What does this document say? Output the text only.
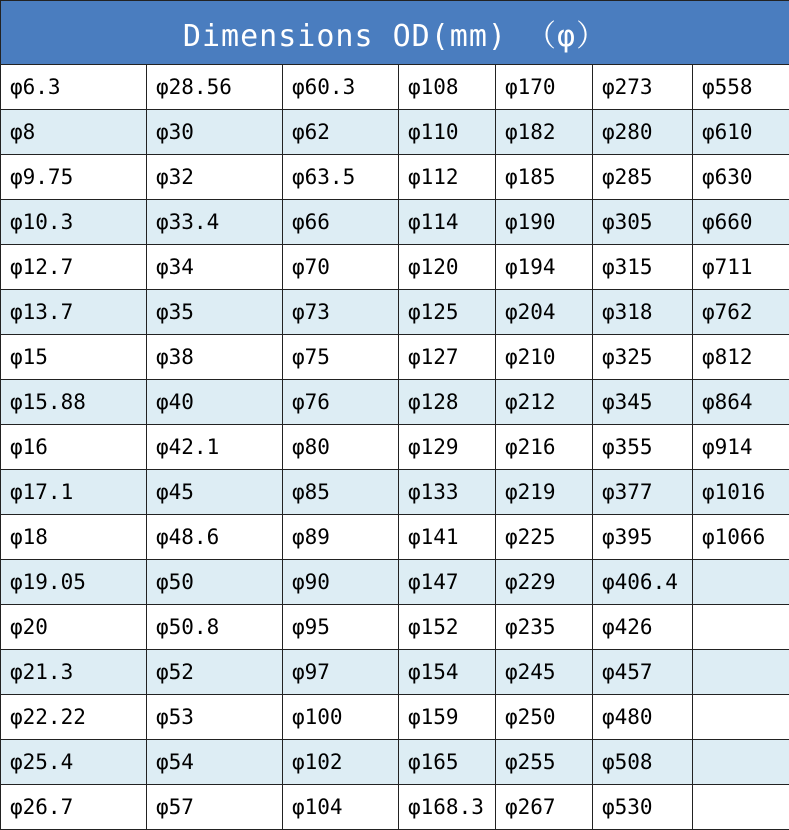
Dimensions OD(mm) （φ）						
φ6.3	φ28.56	φ60.3	φ108	φ170	φ273	φ558
φ8	φ30	φ62	φ110	φ182	φ280	φ610
φ9.75	φ32	φ63.5	φ112	φ185	φ285	φ630
φ10.3	φ33.4	φ66	φ114	φ190	φ305	φ660
φ12.7	φ34	φ70	φ120	φ194	φ315	φ711
φ13.7	φ35	φ73	φ125	φ204	φ318	φ762
φ15	φ38	φ75	φ127	φ210	φ325	φ812
φ15.88	φ40	φ76	φ128	φ212	φ345	φ864
φ16	φ42.1	φ80	φ129	φ216	φ355	φ914
φ17.1	φ45	φ85	φ133	φ219	φ377	φ1016
φ18	φ48.6	φ89	φ141	φ225	φ395	φ1066
φ19.05	φ50	φ90	φ147	φ229	φ406.4	
φ20	φ50.8	φ95	φ152	φ235	φ426	
φ21.3	φ52	φ97	φ154	φ245	φ457	
φ22.22	φ53	φ100	φ159	φ250	φ480	
φ25.4	φ54	φ102	φ165	φ255	φ508	
φ26.7	φ57	φ104	φ168.3	φ267	φ530	
